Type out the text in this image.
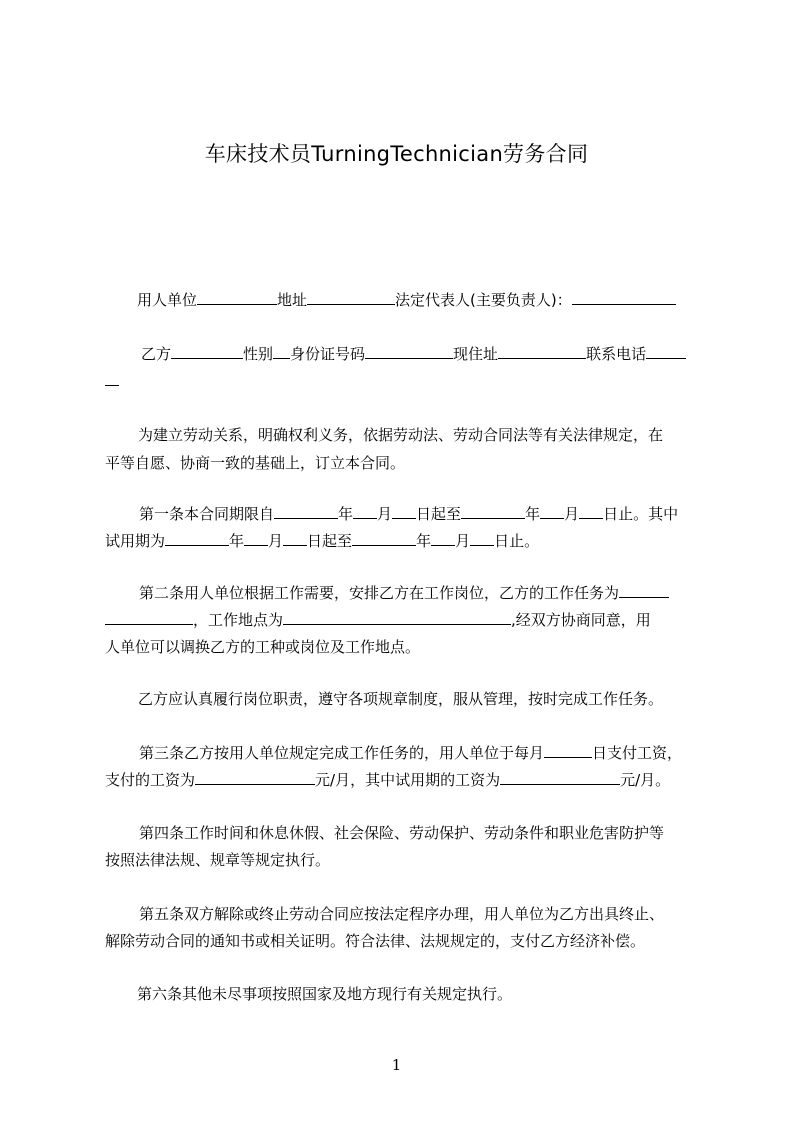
车床技术员TurningTechnician劳务合同
用人单位	地址	法定代表人(主要负责人)：
乙方	性别 身份证号码	现住址	联系电话
为建立劳动关系，明确权利义务，依据劳动法、劳动合同法等有关法律规定，在
平等自愿、协商一致的基础上，订立本合同。
第一条本合同期限自	年 月 日起至	年 月 日止。其中
试用期为	年 月 日起至	年 月 日止。
第二条用人单位根据工作需要，安排乙方在工作岗位，乙方的工作任务为
，工作地点为	,经双方协商同意，用
人单位可以调换乙方的工种或岗位及工作地点。
乙方应认真履行岗位职责，遵守各项规章制度，服从管理，按时完成工作任务。
第三条乙方按用人单位规定完成工作任务的，用人单位于每月	日支付工资，
支付的工资为	元/月，其中试用期的工资为	元/月。
第四条工作时间和休息休假、社会保险、劳动保护、劳动条件和职业危害防护等
按照法律法规、规章等规定执行。
第五条双方解除或终止劳动合同应按法定程序办理，用人单位为乙方出具终止、
解除劳动合同的通知书或相关证明。符合法律、法规规定的，支付乙方经济补偿。
第六条其他未尽事项按照国家及地方现行有关规定执行。
1
